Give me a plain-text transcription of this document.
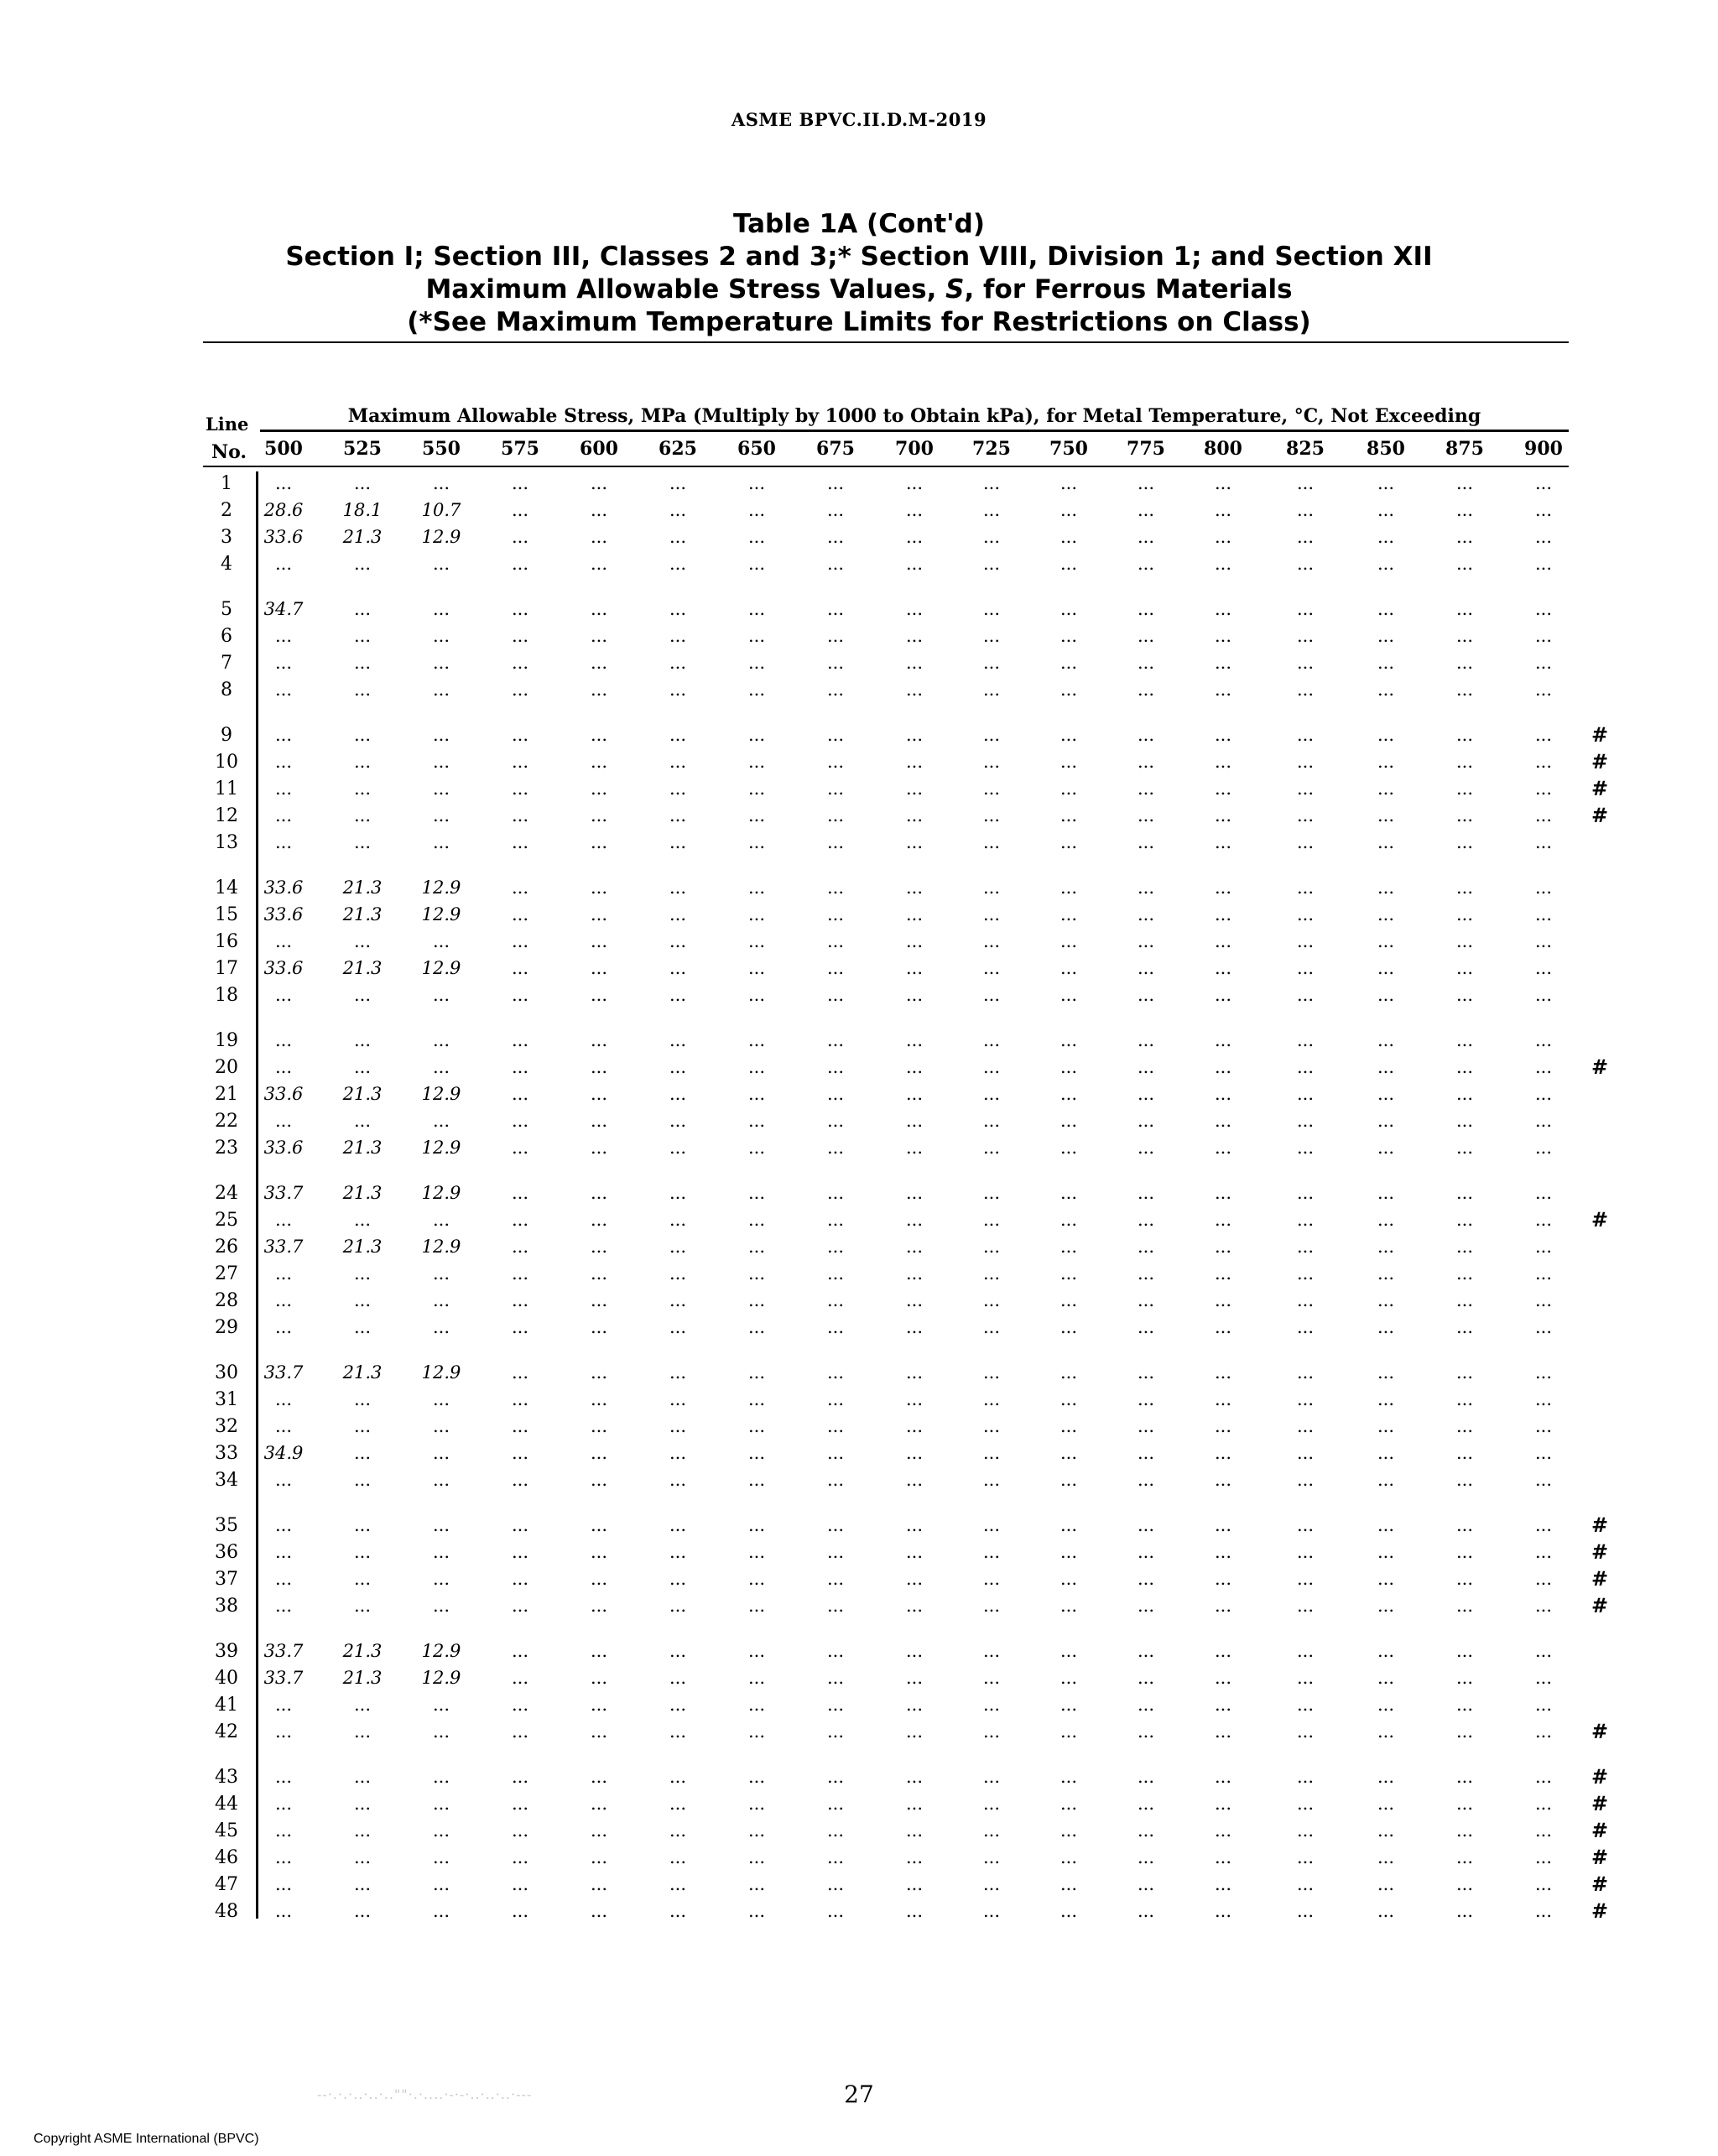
ASME BPVC.II.D.M-2019
Table 1A (Cont'd)
Section I; Section III, Classes 2 and 3;* Section VIII, Division 1; and Section XII
Maximum Allowable Stress Values, S, for Ferrous Materials
(*See Maximum Temperature Limits for Restrictions on Class)
Line
No.
Maximum Allowable Stress, MPa (Multiply by 1000 to Obtain kPa), for Metal Temperature, °C, Not Exceeding
500	525	550	575	600	625	650	675	700	725	750	775	800	825	850	875	900
1	...	...	...	...	...	...	...	...	...	...	...	...	...	...	...	...	...
2	28.6	18.1	10.7	...	...	...	...	...	...	...	...	...	...	...	...	...	...
3	33.6	21.3	12.9	...	...	...	...	...	...	...	...	...	...	...	...	...	...
4	...	...	...	...	...	...	...	...	...	...	...	...	...	...	...	...	...
5	34.7	...	...	...	...	...	...	...	...	...	...	...	...	...	...	...	...
6	...	...	...	...	...	...	...	...	...	...	...	...	...	...	...	...	...
7	...	...	...	...	...	...	...	...	...	...	...	...	...	...	...	...	...
8	...	...	...	...	...	...	...	...	...	...	...	...	...	...	...	...	...
9	...	...	...	...	...	...	...	...	...	...	...	...	...	...	...	...	...	#
10	...	...	...	...	...	...	...	...	...	...	...	...	...	...	...	...	...	#
11	...	...	...	...	...	...	...	...	...	...	...	...	...	...	...	...	...	#
12	...	...	...	...	...	...	...	...	...	...	...	...	...	...	...	...	...	#
13	...	...	...	...	...	...	...	...	...	...	...	...	...	...	...	...	...
14	33.6	21.3	12.9	...	...	...	...	...	...	...	...	...	...	...	...	...	...
15	33.6	21.3	12.9	...	...	...	...	...	...	...	...	...	...	...	...	...	...
16	...	...	...	...	...	...	...	...	...	...	...	...	...	...	...	...	...
17	33.6	21.3	12.9	...	...	...	...	...	...	...	...	...	...	...	...	...	...
18	...	...	...	...	...	...	...	...	...	...	...	...	...	...	...	...	...
19	...	...	...	...	...	...	...	...	...	...	...	...	...	...	...	...	...
20	...	...	...	...	...	...	...	...	...	...	...	...	...	...	...	...	...	#
21	33.6	21.3	12.9	...	...	...	...	...	...	...	...	...	...	...	...	...	...
22	...	...	...	...	...	...	...	...	...	...	...	...	...	...	...	...	...
23	33.6	21.3	12.9	...	...	...	...	...	...	...	...	...	...	...	...	...	...
24	33.7	21.3	12.9	...	...	...	...	...	...	...	...	...	...	...	...	...	...
25	...	...	...	...	...	...	...	...	...	...	...	...	...	...	...	...	...	#
26	33.7	21.3	12.9	...	...	...	...	...	...	...	...	...	...	...	...	...	...
27	...	...	...	...	...	...	...	...	...	...	...	...	...	...	...	...	...
28	...	...	...	...	...	...	...	...	...	...	...	...	...	...	...	...	...
29	...	...	...	...	...	...	...	...	...	...	...	...	...	...	...	...	...
30	33.7	21.3	12.9	...	...	...	...	...	...	...	...	...	...	...	...	...	...
31	...	...	...	...	...	...	...	...	...	...	...	...	...	...	...	...	...
32	...	...	...	...	...	...	...	...	...	...	...	...	...	...	...	...	...
33	34.9	...	...	...	...	...	...	...	...	...	...	...	...	...	...	...	...
34	...	...	...	...	...	...	...	...	...	...	...	...	...	...	...	...	...
35	...	...	...	...	...	...	...	...	...	...	...	...	...	...	...	...	...	#
36	...	...	...	...	...	...	...	...	...	...	...	...	...	...	...	...	...	#
37	...	...	...	...	...	...	...	...	...	...	...	...	...	...	...	...	...	#
38	...	...	...	...	...	...	...	...	...	...	...	...	...	...	...	...	...	#
39	33.7	21.3	12.9	...	...	...	...	...	...	...	...	...	...	...	...	...	...
40	33.7	21.3	12.9	...	...	...	...	...	...	...	...	...	...	...	...	...	...
41	...	...	...	...	...	...	...	...	...	...	...	...	...	...	...	...	...
42	...	...	...	...	...	...	...	...	...	...	...	...	...	...	...	...	...	#
43	...	...	...	...	...	...	...	...	...	...	...	...	...	...	...	...	...	#
44	...	...	...	...	...	...	...	...	...	...	...	...	...	...	...	...	...	#
45	...	...	...	...	...	...	...	...	...	...	...	...	...	...	...	...	...	#
46	...	...	...	...	...	...	...	...	...	...	...	...	...	...	...	...	...	#
47	...	...	...	...	...	...	...	...	...	...	...	...	...	...	...	...	...	#
48	...	...	...	...	...	...	...	...	...	...	...	...	...	...	...	...	...	#
--·.·.·..·..·..""·.·....·-·-·..·..·..·---	27
Copyright ASME International (BPVC)
